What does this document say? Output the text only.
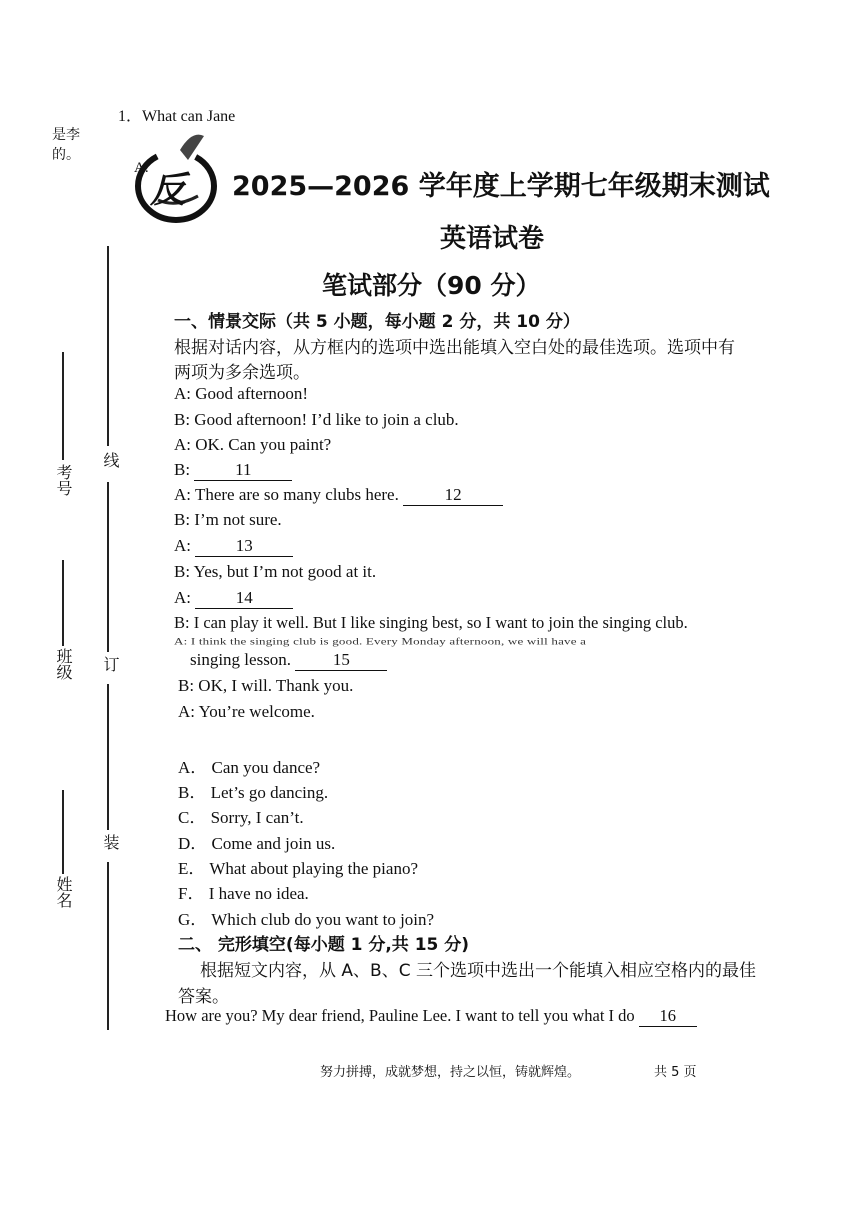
1．What can Jane
是李
的。
A.
反 2025—2026 学年度上学期七年级期末测试
英语试卷
笔试部分（90 分）
一、情景交际（共 5 小题，每小题 2 分，共 10 分）
根据对话内容，从方框内的选项中选出能填入空白处的最佳选项。选项中有
两项为多余选项。
A: Good afternoon!
B: Good afternoon! I’d like to join a club.
A: OK. Can you paint?
B: 11
A: There are so many clubs here. 12
B: I’m not sure.
A: 13
B: Yes, but I’m not good at it.
A: 14
B: I can play it well. But I like singing best, so I want to join the singing club.
A: I think the singing club is good. Every Monday afternoon, we will have a
singing lesson. 15
B: OK, I will. Thank you.
A: You’re welcome.
A． Can you dance?
B． Let’s go dancing.
C． Sorry, I can’t.
D． Come and join us.
E． What about playing the piano?
F． I have no idea.
G． Which club do you want to join?
二、 完形填空(每小题 1 分,共 15 分)
根据短文内容，从 A、B、C 三个选项中选出一个能填入相应空格内的最佳
答案。
How are you? My dear friend, Pauline Lee. I want to tell you what I do 16
考号
班级
姓名
线
订
装
努力拼搏，成就梦想，持之以恒，铸就辉煌。	共 5 页
